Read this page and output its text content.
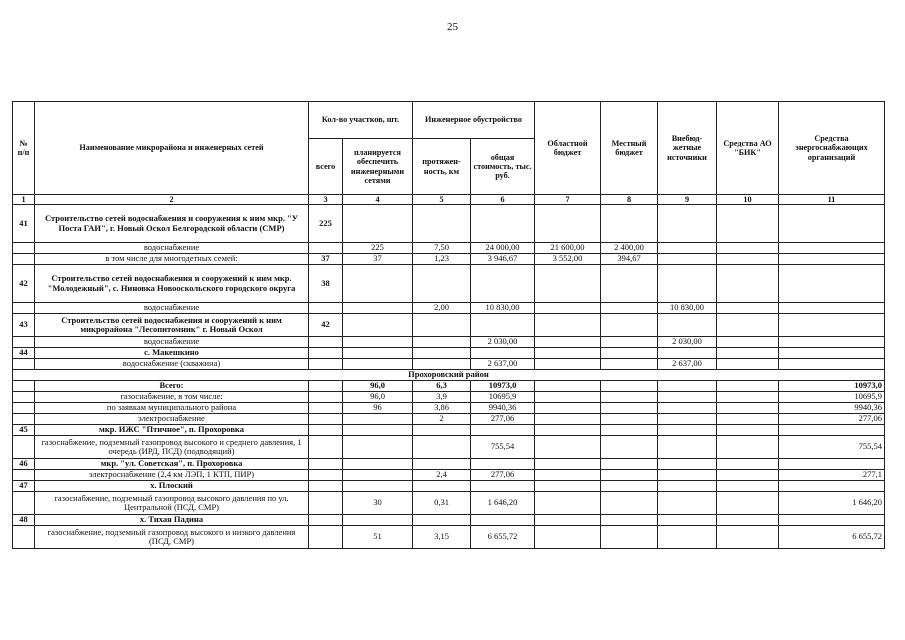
25
№ п/п	Наименование микрорайона и инженерных сетей	Кол-во участков, шт.		Инженерное обустройство		Областной бюджет	Местный бюджет	Внебюд-жетные источники	Средства АО "БИК"	Средства энергоснабжающих организаций
		всего	планируется обеспечить инженерными сетями	протяжен-ность, км	общая стоимость, тыс. руб.					
1	2	3	4	5	6	7	8	9	10	11
41	Строительство сетей водоснабжения и сооружения к ним мкр. "У Поста ГАИ", г. Новый Оскол Белгородской области (СМР)	225								
	водоснабжение		225	7,50	24 000,00	21 600,00	2 400,00			
	в том числе для многодетных семей:	37	37	1,23	3 946,67	3 552,00	394,67			
42	Строительство сетей водоснабжения и сооружений к ним мкр. "Молодежный", с. Ниновка Новооскольского городского округа	38								
	водоснабжение			2,00	10 830,00			10 830,00		
43	Строительство сетей водоснабжения и сооружений к ним микрорайона "Лесопитомник" г. Новый Оскол	42								
	водоснабжение				2 030,00			2 030,00		
44	с. Макешкино									
	водоснабжение (скважина)				2 637,00			2 637,00		
Прохоровский район										
	Всего:		96,0	6,3	10973,0					10973,0
	газоснабжение, в том числе:		96,0	3,9	10695,9					10695,9
	по заявкам муниципального района		96	3,86	9940,36					9940,36
	электроснабжение			2	277,06					277,06
45	мкр. ИЖС "Птичное", п. Прохоровка									
	газоснабжение, подземный газопровод высокого и среднего давления, 1 очередь (ИРД, ПСД) (подводящий)				755,54					755,54
46	мкр. "ул. Советская", п. Прохоровка									
	электроснабжение (2,4 км ЛЭП, 1 КТП, ПИР)			2,4	277,06					277,1
47	х. Плоский									
	газоснабжение, подземный газопровод высокого давления по ул. Центральной (ПСД, СМР)		30	0,31	1 646,20					1 646,20
48	х. Тихая Падина									
	газоснабжение, подземный газопровод высокого и низкого давления (ПСД, СМР)		51	3,15	6 655,72					6 655,72
